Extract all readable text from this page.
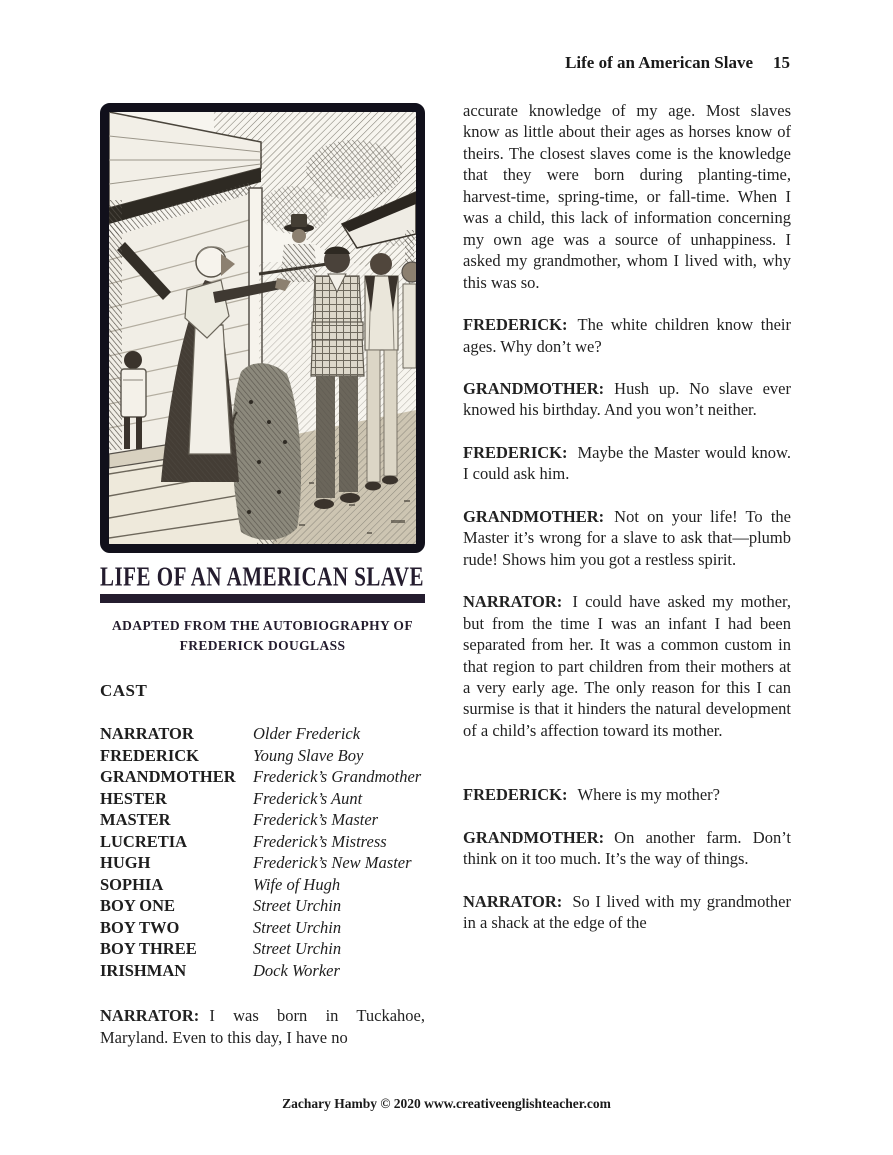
Life of an American Slave 15
LIFE OF AN AMERICAN SLAVE
ADAPTED FROM THE AUTOBIOGRAPHY OF
FREDERICK DOUGLASS
CAST
NARRATOR	Older Frederick
FREDERICK	Young Slave Boy
GRANDMOTHER	Frederick’s Grandmother
HESTER	Frederick’s Aunt
MASTER	Frederick’s Master
LUCRETIA	Frederick’s Mistress
HUGH	Frederick’s New Master
SOPHIA	Wife of Hugh
BOY ONE	Street Urchin
BOY TWO	Street Urchin
BOY THREE	Street Urchin
IRISHMAN	Dock Worker

NARRATOR: I was born in Tuckahoe, Maryland. Even to this day, I have no

accurate knowledge of my age. Most slaves know as little about their ages as horses know of theirs. The closest slaves come is the knowledge that they were born during planting-time, harvest-time, spring-time, or fall-time. When I was a child, this lack of information concerning my own age was a source of unhappiness. I asked my grandmother, whom I lived with, why this was so.

FREDERICK: The white children know their ages. Why don’t we?

GRANDMOTHER: Hush up. No slave ever knowed his birthday. And you won’t neither.

FREDERICK: Maybe the Master would know. I could ask him.

GRANDMOTHER: Not on your life! To the Master it’s wrong for a slave to ask that—plumb rude! Shows him you got a restless spirit.

NARRATOR: I could have asked my mother, but from the time I was an infant I had been separated from her. It was a common custom in that region to part children from their mothers at a very early age. The only reason for this I can surmise is that it hinders the natural development of a child’s affection toward its mother.

FREDERICK: Where is my mother?

GRANDMOTHER: On another farm. Don’t think on it too much. It’s the way of things.

NARRATOR: So I lived with my grandmother in a shack at the edge of the

Zachary Hamby © 2020 www.creativeenglishteacher.com
